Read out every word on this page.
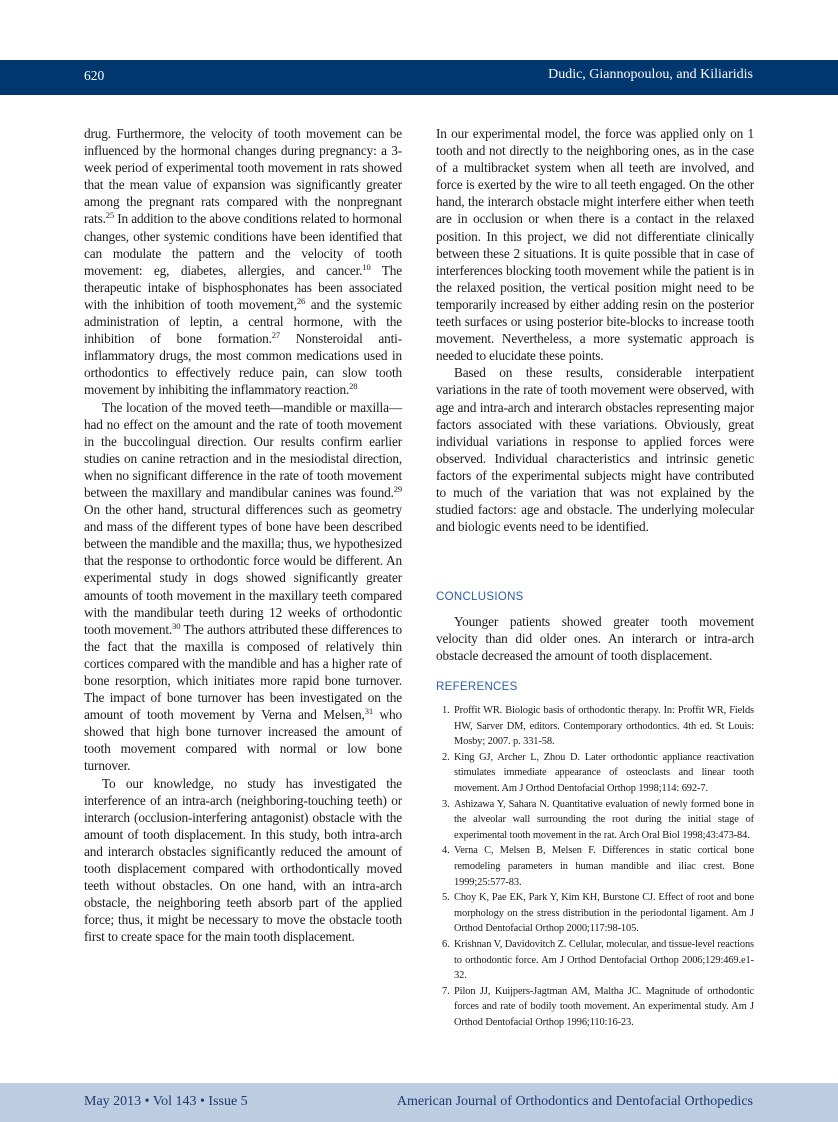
620	Dudic, Giannopoulou, and Kiliaridis

drug. Furthermore, the velocity of tooth movement can be influenced by the hormonal changes during pregnancy: a 3-week period of experimental tooth movement in rats showed that the mean value of expansion was significantly greater among the pregnant rats compared with the nonpregnant rats.$^{25}$ In addition to the above conditions related to hormonal changes, other systemic conditions have been identified that can modulate the pattern and the velocity of tooth movement: eg, diabetes, allergies, and cancer.$^{10}$ The therapeutic intake of bisphosphonates has been associated with the inhibition of tooth movement,$^{26}$ and the systemic administration of leptin, a central hormone, with the inhibition of bone formation.$^{27}$ Nonsteroidal anti-inflammatory drugs, the most common medications used in orthodontics to effectively reduce pain, can slow tooth movement by inhibiting the inflammatory reaction.$^{28}$

The location of the moved teeth—mandible or maxilla—had no effect on the amount and the rate of tooth movement in the buccolingual direction. Our results confirm earlier studies on canine retraction and in the mesiodistal direction, when no significant difference in the rate of tooth movement between the maxillary and mandibular canines was found.$^{29}$ On the other hand, structural differences such as geometry and mass of the different types of bone have been described between the mandible and the maxilla; thus, we hypothesized that the response to orthodontic force would be different. An experimental study in dogs showed significantly greater amounts of tooth movement in the maxillary teeth compared with the mandibular teeth during 12 weeks of orthodontic tooth movement.$^{30}$ The authors attributed these differences to the fact that the maxilla is composed of relatively thin cortices compared with the mandible and has a higher rate of bone resorption, which initiates more rapid bone turnover. The impact of bone turnover has been investigated on the amount of tooth movement by Verna and Melsen,$^{31}$ who showed that high bone turnover increased the amount of tooth movement compared with normal or low bone turnover.

To our knowledge, no study has investigated the interference of an intra-arch (neighboring-touching teeth) or interarch (occlusion-interfering antagonist) obstacle with the amount of tooth displacement. In this study, both intra-arch and interarch obstacles significantly reduced the amount of tooth displacement compared with orthodontically moved teeth without obstacles. On one hand, with an intra-arch obstacle, the neighboring teeth absorb part of the applied force; thus, it might be necessary to move the obstacle tooth first to create space for the main tooth displacement.

In our experimental model, the force was applied only on 1 tooth and not directly to the neighboring ones, as in the case of a multibracket system when all teeth are involved, and force is exerted by the wire to all teeth engaged. On the other hand, the interarch obstacle might interfere either when teeth are in occlusion or when there is a contact in the relaxed position. In this project, we did not differentiate clinically between these 2 situations. It is quite possible that in case of interferences blocking tooth movement while the patient is in the relaxed position, the vertical position might need to be temporarily increased by either adding resin on the posterior teeth surfaces or using posterior bite-blocks to increase tooth movement. Nevertheless, a more systematic approach is needed to elucidate these points.

Based on these results, considerable interpatient variations in the rate of tooth movement were observed, with age and intra-arch and interarch obstacles representing major factors associated with these variations. Obviously, great individual variations in response to applied forces were observed. Individual characteristics and intrinsic genetic factors of the experimental subjects might have contributed to much of the variation that was not explained by the studied factors: age and obstacle. The underlying molecular and biologic events need to be identified.

CONCLUSIONS

Younger patients showed greater tooth movement velocity than did older ones. An interarch or intra-arch obstacle decreased the amount of tooth displacement.

REFERENCES
1. Proffit WR. Biologic basis of orthodontic therapy. In: Proffit WR, Fields HW, Sarver DM, editors. Contemporary orthodontics. 4th ed. St Louis: Mosby; 2007. p. 331-58.
2. King GJ, Archer L, Zhou D. Later orthodontic appliance reactivation stimulates immediate appearance of osteoclasts and linear tooth movement. Am J Orthod Dentofacial Orthop 1998;114: 692-7.
3. Ashizawa Y, Sahara N. Quantitative evaluation of newly formed bone in the alveolar wall surrounding the root during the initial stage of experimental tooth movement in the rat. Arch Oral Biol 1998;43:473-84.
4. Verna C, Melsen B, Melsen F. Differences in static cortical bone remodeling parameters in human mandible and iliac crest. Bone 1999;25:577-83.
5. Choy K, Pae EK, Park Y, Kim KH, Burstone CJ. Effect of root and bone morphology on the stress distribution in the periodontal ligament. Am J Orthod Dentofacial Orthop 2000;117:98-105.
6. Krishnan V, Davidovitch Z. Cellular, molecular, and tissue-level reactions to orthodontic force. Am J Orthod Dentofacial Orthop 2006;129:469.e1-32.
7. Pilon JJ, Kuijpers-Jagtman AM, Maltha JC. Magnitude of orthodontic forces and rate of bodily tooth movement. An experimental study. Am J Orthod Dentofacial Orthop 1996;110:16-23.
May 2013 • Vol 143 • Issue 5	American Journal of Orthodontics and Dentofacial Orthopedics
